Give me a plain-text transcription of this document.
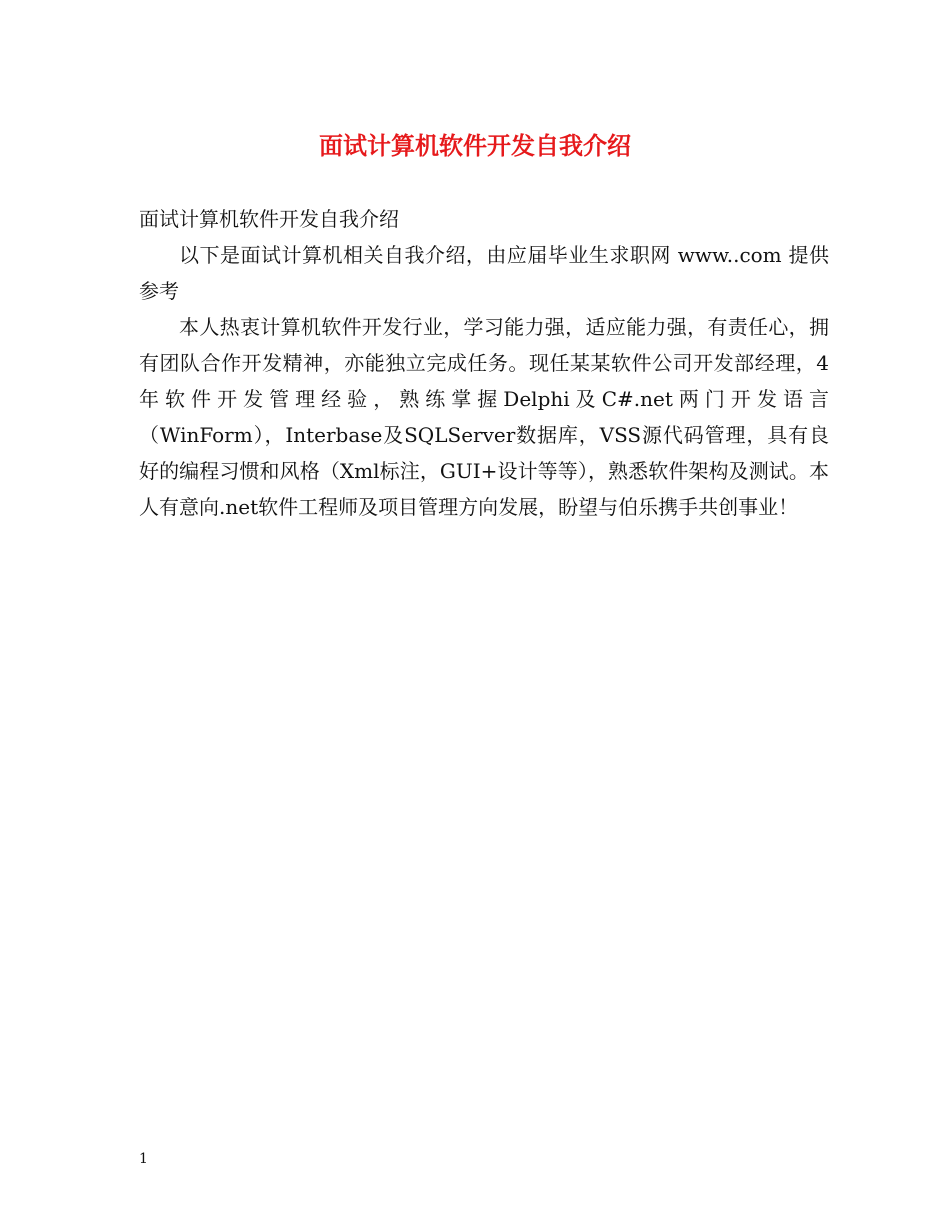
面试计算机软件开发自我介绍

面试计算机软件开发自我介绍

以下是面试计算机相关自我介绍，由应届毕业生求职网 www..com 提供参考

本人热衷计算机软件开发行业，学习能力强，适应能力强，有责任心，拥有团队合作开发精神，亦能独立完成任务。现任某某软件公司开发部经理，4年软件开发管理经验，熟练掌握Delphi及C#.net两门开发语言（WinForm），Interbase及SQLServer数据库，VSS源代码管理，具有良好的编程习惯和风格（Xml标注，GUI+设计等等），熟悉软件架构及测试。本人有意向.net软件工程师及项目管理方向发展，盼望与伯乐携手共创事业！

1
